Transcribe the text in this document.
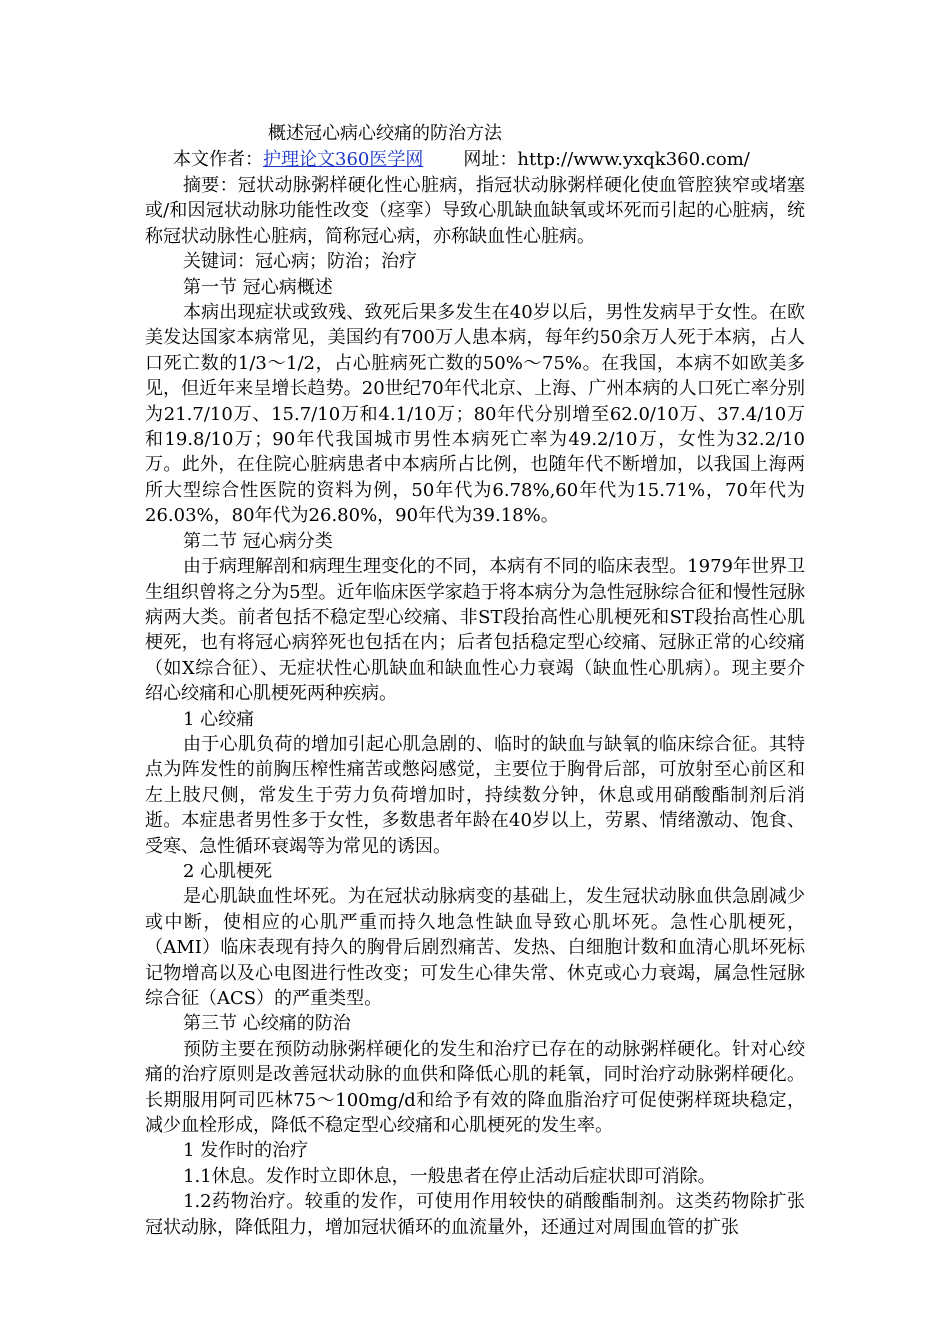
概述冠心病心绞痛的防治方法
本文作者：护理论文360医学网 网址：http://www.yxqk360.com/

摘要：冠状动脉粥样硬化性心脏病，指冠状动脉粥样硬化使血管腔狭窄或堵塞或/和因冠状动脉功能性改变（痉挛）导致心肌缺血缺氧或坏死而引起的心脏病，统称冠状动脉性心脏病，简称冠心病，亦称缺血性心脏病。

关键词：冠心病；防治；治疗

第一节 冠心病概述

本病出现症状或致残、致死后果多发生在40岁以后，男性发病早于女性。在欧美发达国家本病常见，美国约有700万人患本病，每年约50余万人死于本病，占人口死亡数的1/3～1/2，占心脏病死亡数的50%～75%。在我国，本病不如欧美多见，但近年来呈增长趋势。20世纪70年代北京、上海、广州本病的人口死亡率分别为21.7/10万、15.7/10万和4.1/10万；80年代分别增至62.0/10万、37.4/10万和19.8/10万；90年代我国城市男性本病死亡率为49.2/10万，女性为32.2/10万。此外，在住院心脏病患者中本病所占比例，也随年代不断增加，以我国上海两所大型综合性医院的资料为例，50年代为6.78%,60年代为15.71%，70年代为26.03%，80年代为26.80%，90年代为39.18%。

第二节 冠心病分类

由于病理解剖和病理生理变化的不同，本病有不同的临床表型。1979年世界卫生组织曾将之分为5型。近年临床医学家趋于将本病分为急性冠脉综合征和慢性冠脉病两大类。前者包括不稳定型心绞痛、非ST段抬高性心肌梗死和ST段抬高性心肌梗死，也有将冠心病猝死也包括在内；后者包括稳定型心绞痛、冠脉正常的心绞痛（如X综合征）、无症状性心肌缺血和缺血性心力衰竭（缺血性心肌病）。现主要介绍心绞痛和心肌梗死两种疾病。

1 心绞痛

由于心肌负荷的增加引起心肌急剧的、临时的缺血与缺氧的临床综合征。其特点为阵发性的前胸压榨性痛苦或憋闷感觉，主要位于胸骨后部，可放射至心前区和左上肢尺侧，常发生于劳力负荷增加时，持续数分钟，休息或用硝酸酯制剂后消逝。本症患者男性多于女性，多数患者年龄在40岁以上，劳累、情绪激动、饱食、受寒、急性循环衰竭等为常见的诱因。

2 心肌梗死

是心肌缺血性坏死。为在冠状动脉病变的基础上，发生冠状动脉血供急剧减少或中断，使相应的心肌严重而持久地急性缺血导致心肌坏死。急性心肌梗死，（AMI）临床表现有持久的胸骨后剧烈痛苦、发热、白细胞计数和血清心肌坏死标记物增高以及心电图进行性改变；可发生心律失常、休克或心力衰竭，属急性冠脉综合征（ACS）的严重类型。

第三节 心绞痛的防治

预防主要在预防动脉粥样硬化的发生和治疗已存在的动脉粥样硬化。针对心绞痛的治疗原则是改善冠状动脉的血供和降低心肌的耗氧，同时治疗动脉粥样硬化。长期服用阿司匹林75～100mg/d和给予有效的降血脂治疗可促使粥样斑块稳定，减少血栓形成，降低不稳定型心绞痛和心肌梗死的发生率。

1 发作时的治疗

1.1休息。发作时立即休息，一般患者在停止活动后症状即可消除。

1.2药物治疗。较重的发作，可使用作用较快的硝酸酯制剂。这类药物除扩张冠状动脉，降低阻力，增加冠状循环的血流量外，还通过对周围血管的扩张
